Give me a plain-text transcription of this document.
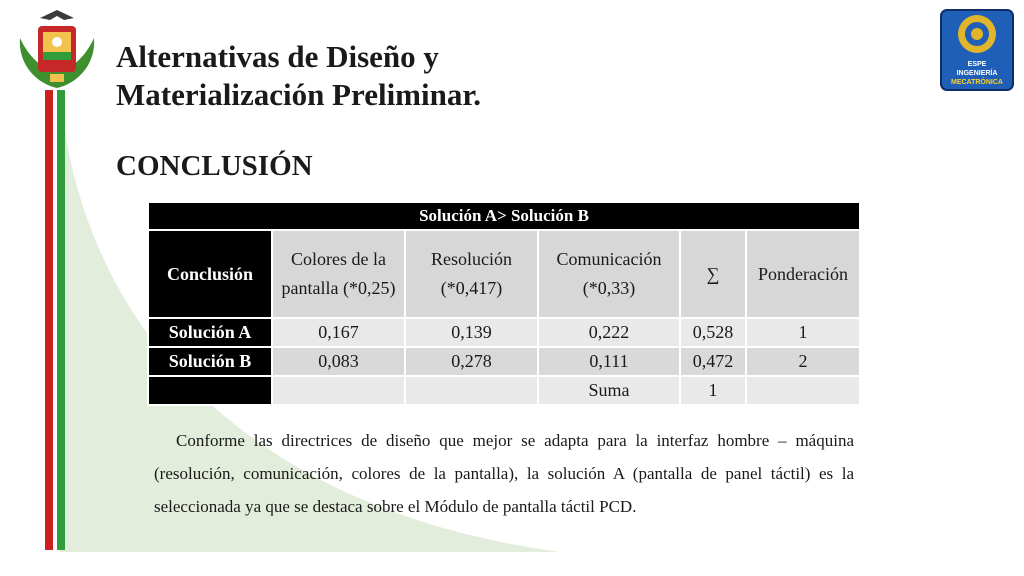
ESPE
INGENIERÍA
MECATRÓNICA
Alternativas de Diseño y
Materialización Preliminar.
CONCLUSIÓN
Solución A> Solución B					
Conclusión	Colores de la pantalla (*0,25)	Resolución (*0,417)	Comunicación (*0,33)	∑	Ponderación
Solución A	0,167	0,139	0,222	0,528	1
Solución B	0,083	0,278	0,111	0,472	2
			Suma	1	

Conforme las directrices de diseño que mejor se adapta para la interfaz hombre – máquina (resolución, comunicación, colores de la pantalla), la solución A (pantalla de panel táctil) es la seleccionada ya que se destaca sobre el Módulo de pantalla táctil PCD.
